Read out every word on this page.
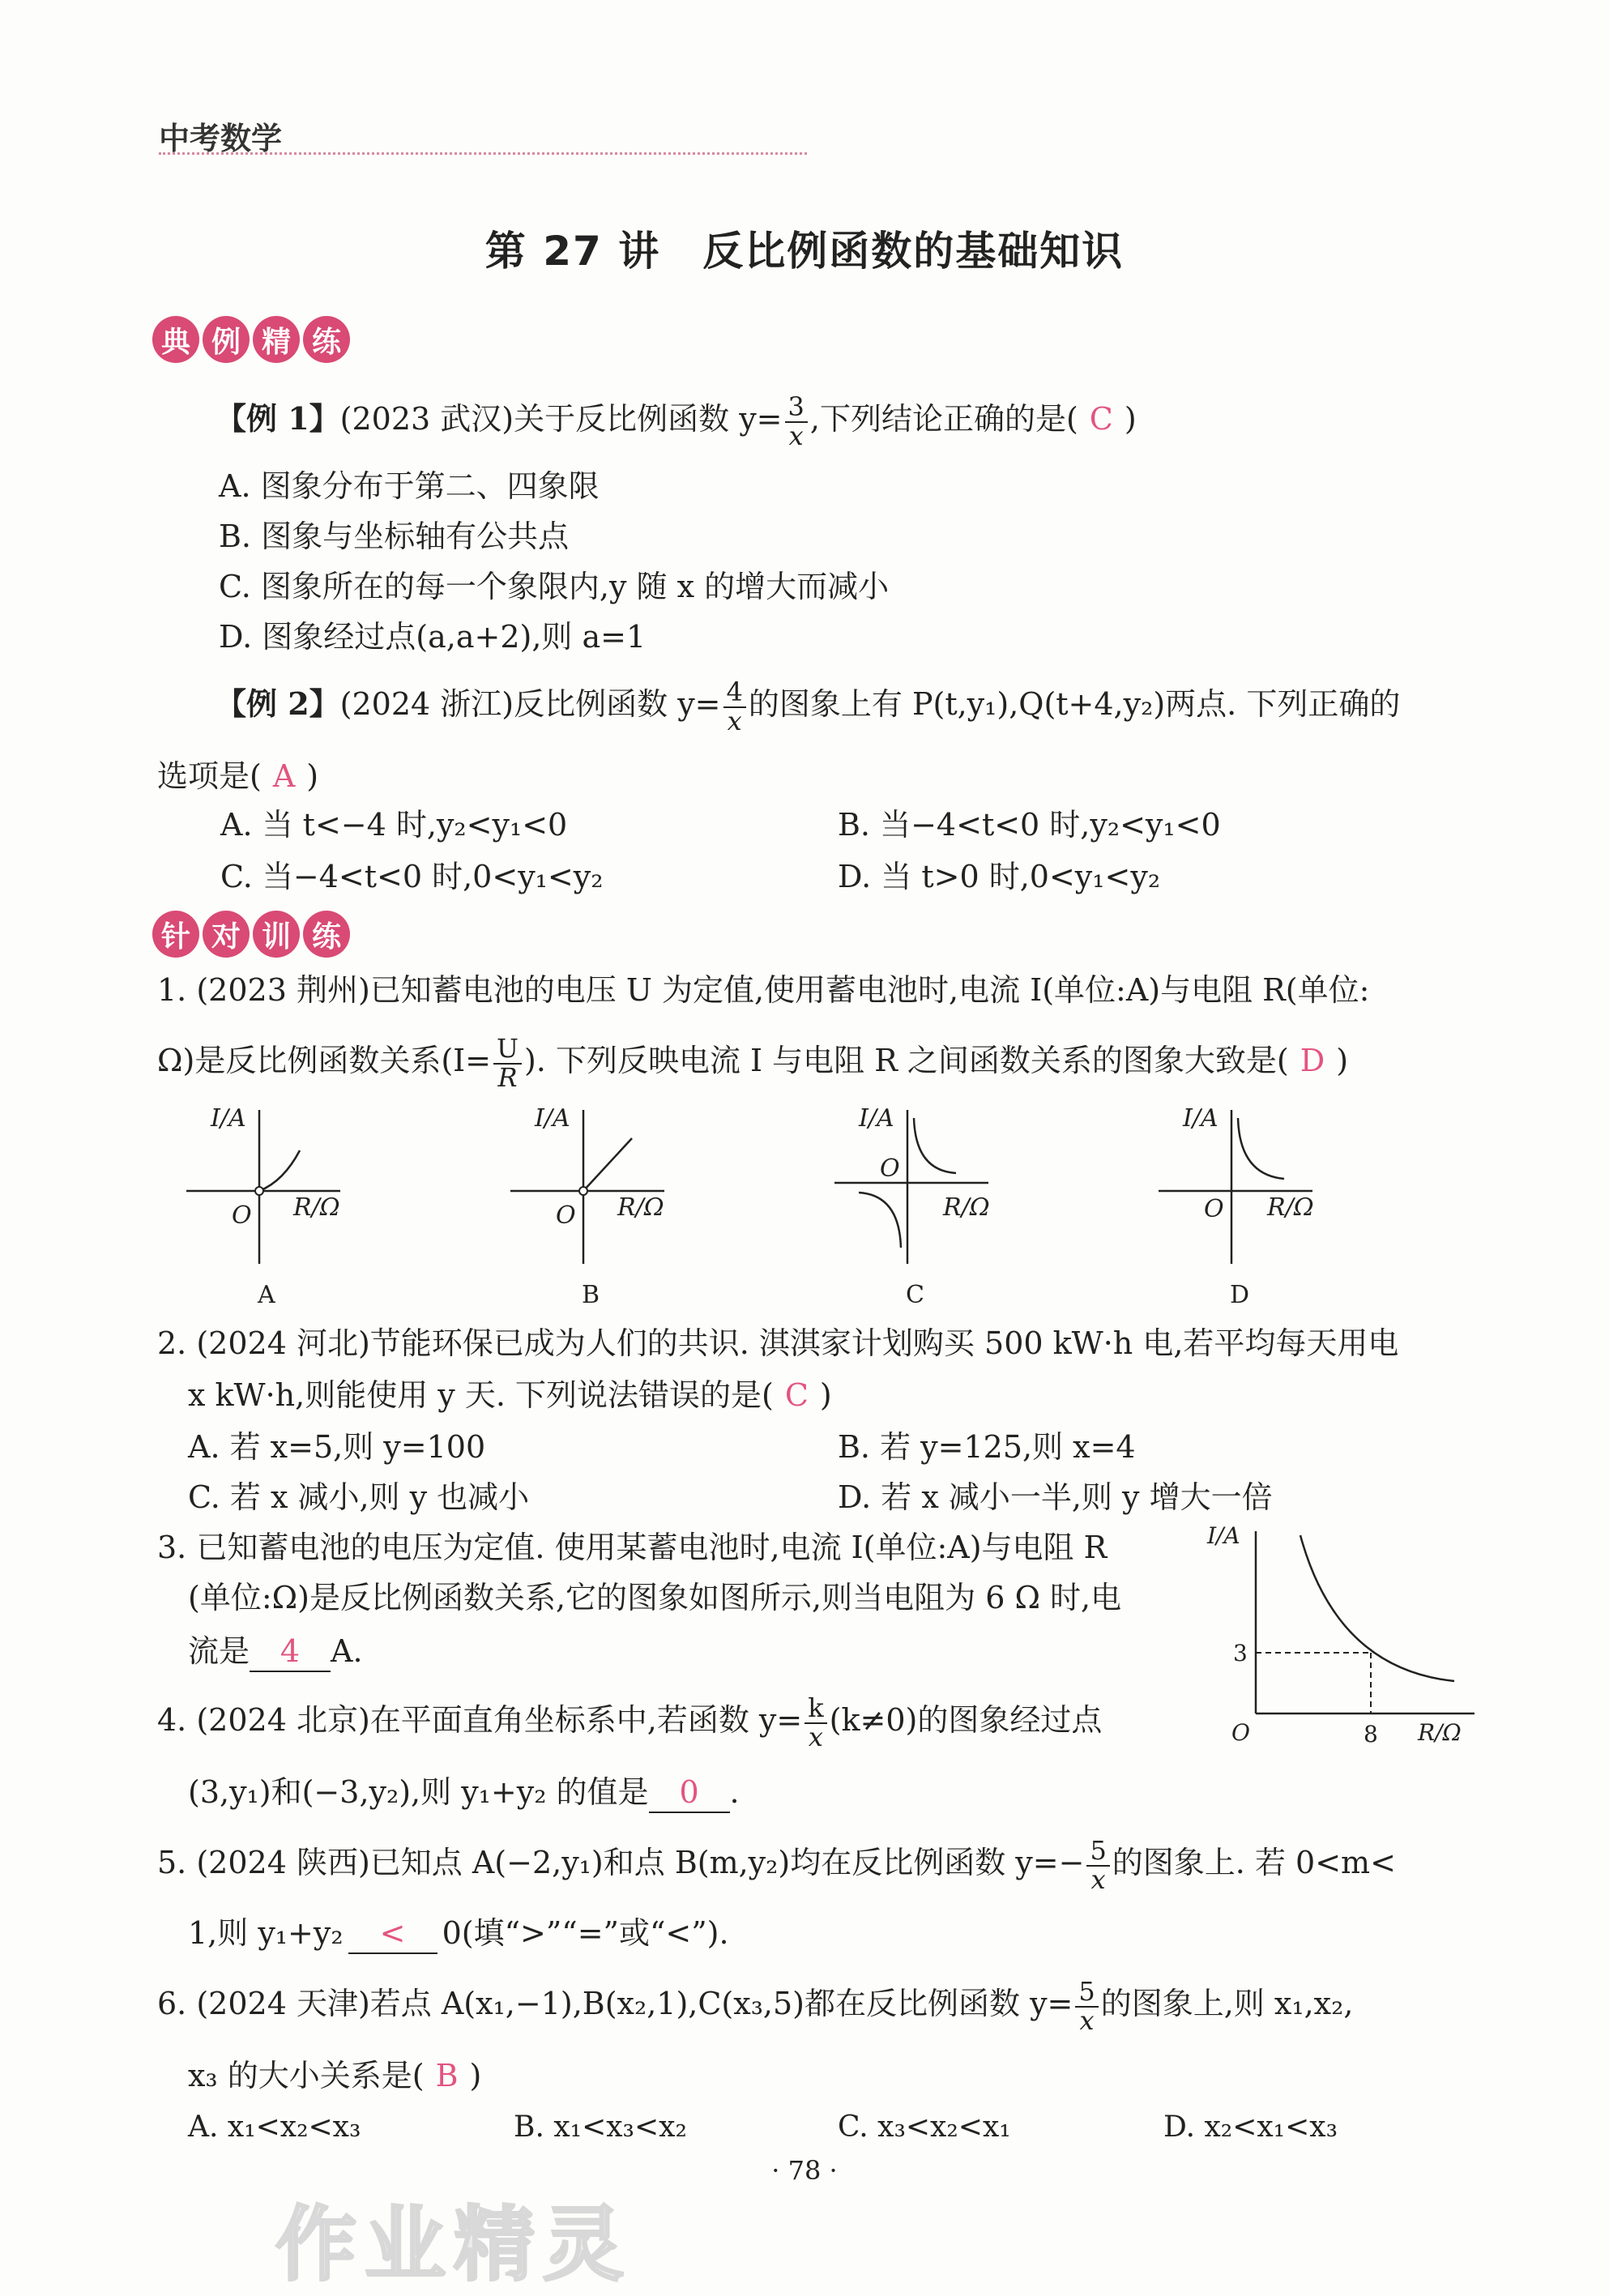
中考数学
第 27 讲　反比例函数的基础知识
典 例 精 练
【例 1】(2023 武汉)关于反比例函数 $y= \frac{3}{x}$ ,下列结论正确的是( C )
A. 图象分布于第二、四象限
B. 图象与坐标轴有公共点
C. 图象所在的每一个象限内,y 随 x 的增大而减小
D. 图象经过点(a,a+2),则 a=1
【例 2】(2024 浙江)反比例函数 $y= \frac{4}{x}$ 的图象上有 P(t,y₁),Q(t+4,y₂)两点. 下列正确的
选项是( A )
A. 当 t<−4 时,y₂<y₁<0	B. 当−4<t<0 时,y₂<y₁<0
C. 当−4<t<0 时,0<y₁<y₂	D. 当 t>0 时,0<y₁<y₂
针 对 训 练
1. (2023 荆州)已知蓄电池的电压 U 为定值,使用蓄电池时,电流 I(单位:A)与电阻 R(单位:
Ω)是反比例函数关系($I= \frac{U}{R}$ ). 下列反映电流 I 与电阻 R 之间函数关系的图象大致是( D )
I/A
O R/Ω
A
I/A
O R/Ω
B
I/A
O
R/Ω
C
I/A
O R/Ω
D
2. (2024 河北)节能环保已成为人们的共识. 淇淇家计划购买 500 kW·h 电,若平均每天用电
x kW·h,则能使用 y 天. 下列说法错误的是( C )
A. 若 x=5,则 y=100	B. 若 y=125,则 x=4
C. 若 x 减小,则 y 也减小	D. 若 x 减小一半,则 y 增大一倍
3. 已知蓄电池的电压为定值. 使用某蓄电池时,电流 I(单位:A)与电阻 R
(单位:Ω)是反比例函数关系,它的图象如图所示,则当电阻为 6 Ω 时,电
流是 4 A.
I/A
3
O	8 R/Ω
4. (2024 北京)在平面直角坐标系中,若函数 $y= \frac{k}{x} (k\ne 0)$的图象经过点
(3,y₁)和(−3,y₂),则 y₁+y₂ 的值是 0 .
5. (2024 陕西)已知点 A(−2,y₁)和点 B(m,y₂)均在反比例函数 $y=- \frac{5}{x}$ 的图象上. 若 0<m<
1,则 y₁+y₂ < 0(填“>”“=”或“<”).
6. (2024 天津)若点 A(x₁,−1),B(x₂,1),C(x₃,5)都在反比例函数 $y= \frac{5}{x}$ 的图象上,则 x₁,x₂,
x₃ 的大小关系是( B )
A. x₁<x₂<x₃	B. x₁<x₃<x₂	C. x₃<x₂<x₁	D. x₂<x₁<x₃
· 78 ·
作业精灵
